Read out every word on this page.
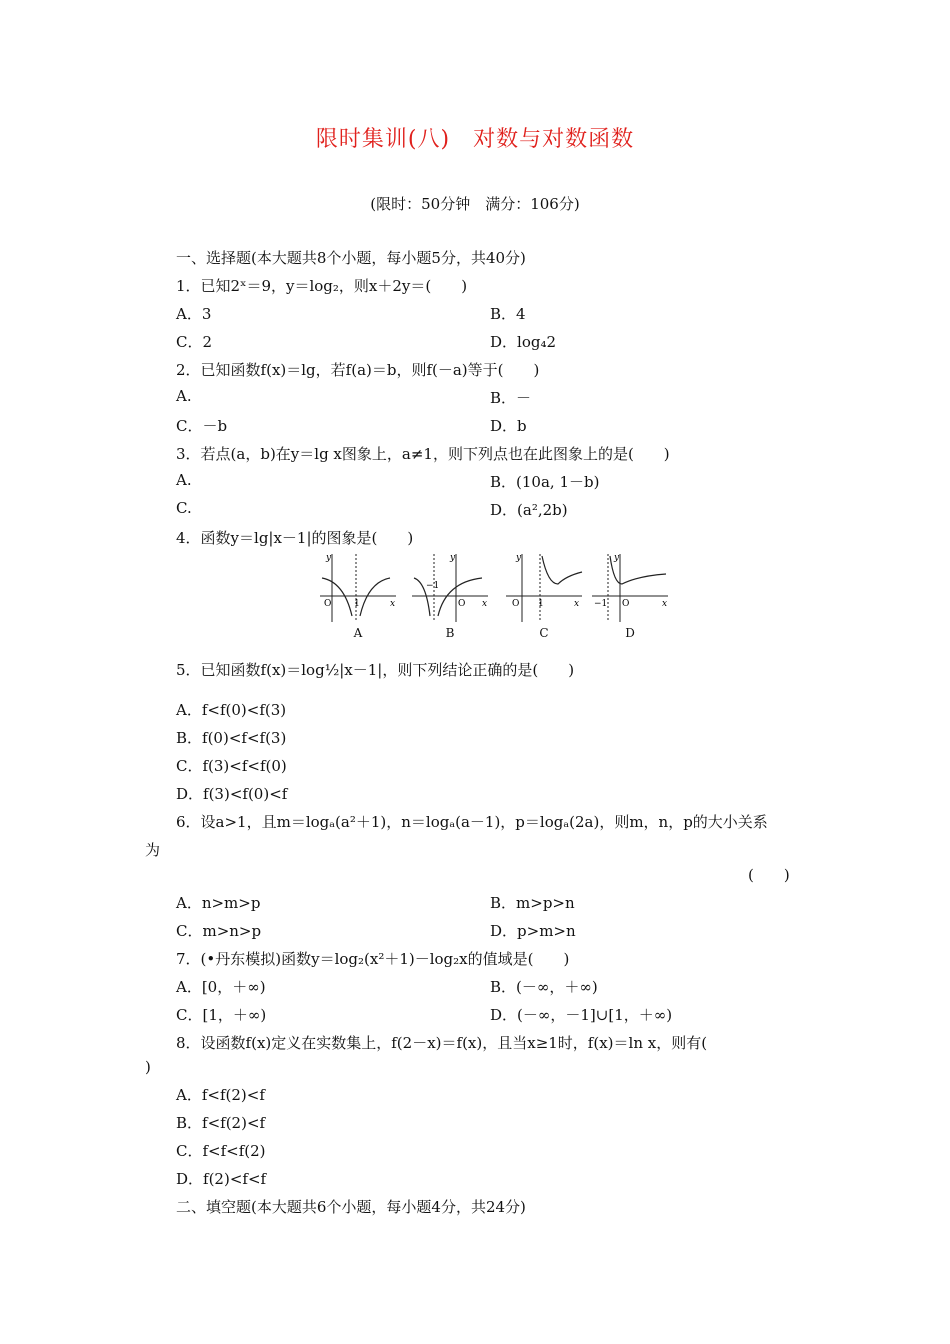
限时集训(八)　对数与对数函数
(限时：50分钟　满分：106分)
一、选择题(本大题共8个小题，每小题5分，共40分)
1．已知2ˣ＝9，y＝log₂，则x＋2y＝(　　)
A．3	B．4
C．2	D．log₄2
2．已知函数f(x)＝lg，若f(a)＝b，则f(－a)等于(　　)
A.	B．－
C．－b	D．b
3．若点(a，b)在y＝lg x图象上，a≠1，则下列点也在此图象上的是(　　)
A.	B．(10a, 1－b)
C.	D．(a²,2b)
4．函数y＝lg|x－1|的图象是(　　)
y
O	1	x
A
y
O
−1
x
B
y
O 1	x
C
y
O
−1	x
D
5．已知函数f(x)＝log½|x－1|，则下列结论正确的是(　　)
A．f<f(0)<f(3)
B．f(0)<f<f(3)
C．f(3)<f<f(0)
D．f(3)<f(0)<f
6．设a>1，且m＝logₐ(a²＋1)，n＝logₐ(a－1)，p＝logₐ(2a)，则m，n，p的大小关系
为
(　　)
A．n>m>p	B．m>p>n
C．m>n>p	D．p>m>n
7．(•丹东模拟)函数y＝log₂(x²＋1)－log₂x的值域是(　　)
A．[0，＋∞)	B．(－∞，＋∞)
C．[1，＋∞)	D．(－∞，－1]∪[1，＋∞)
8．设函数f(x)定义在实数集上，f(2－x)＝f(x)，且当x≥1时，f(x)＝ln x，则有(
)
A．f<f(2)<f
B．f<f(2)<f
C．f<f<f(2)
D．f(2)<f<f
二、填空题(本大题共6个小题，每小题4分，共24分)
